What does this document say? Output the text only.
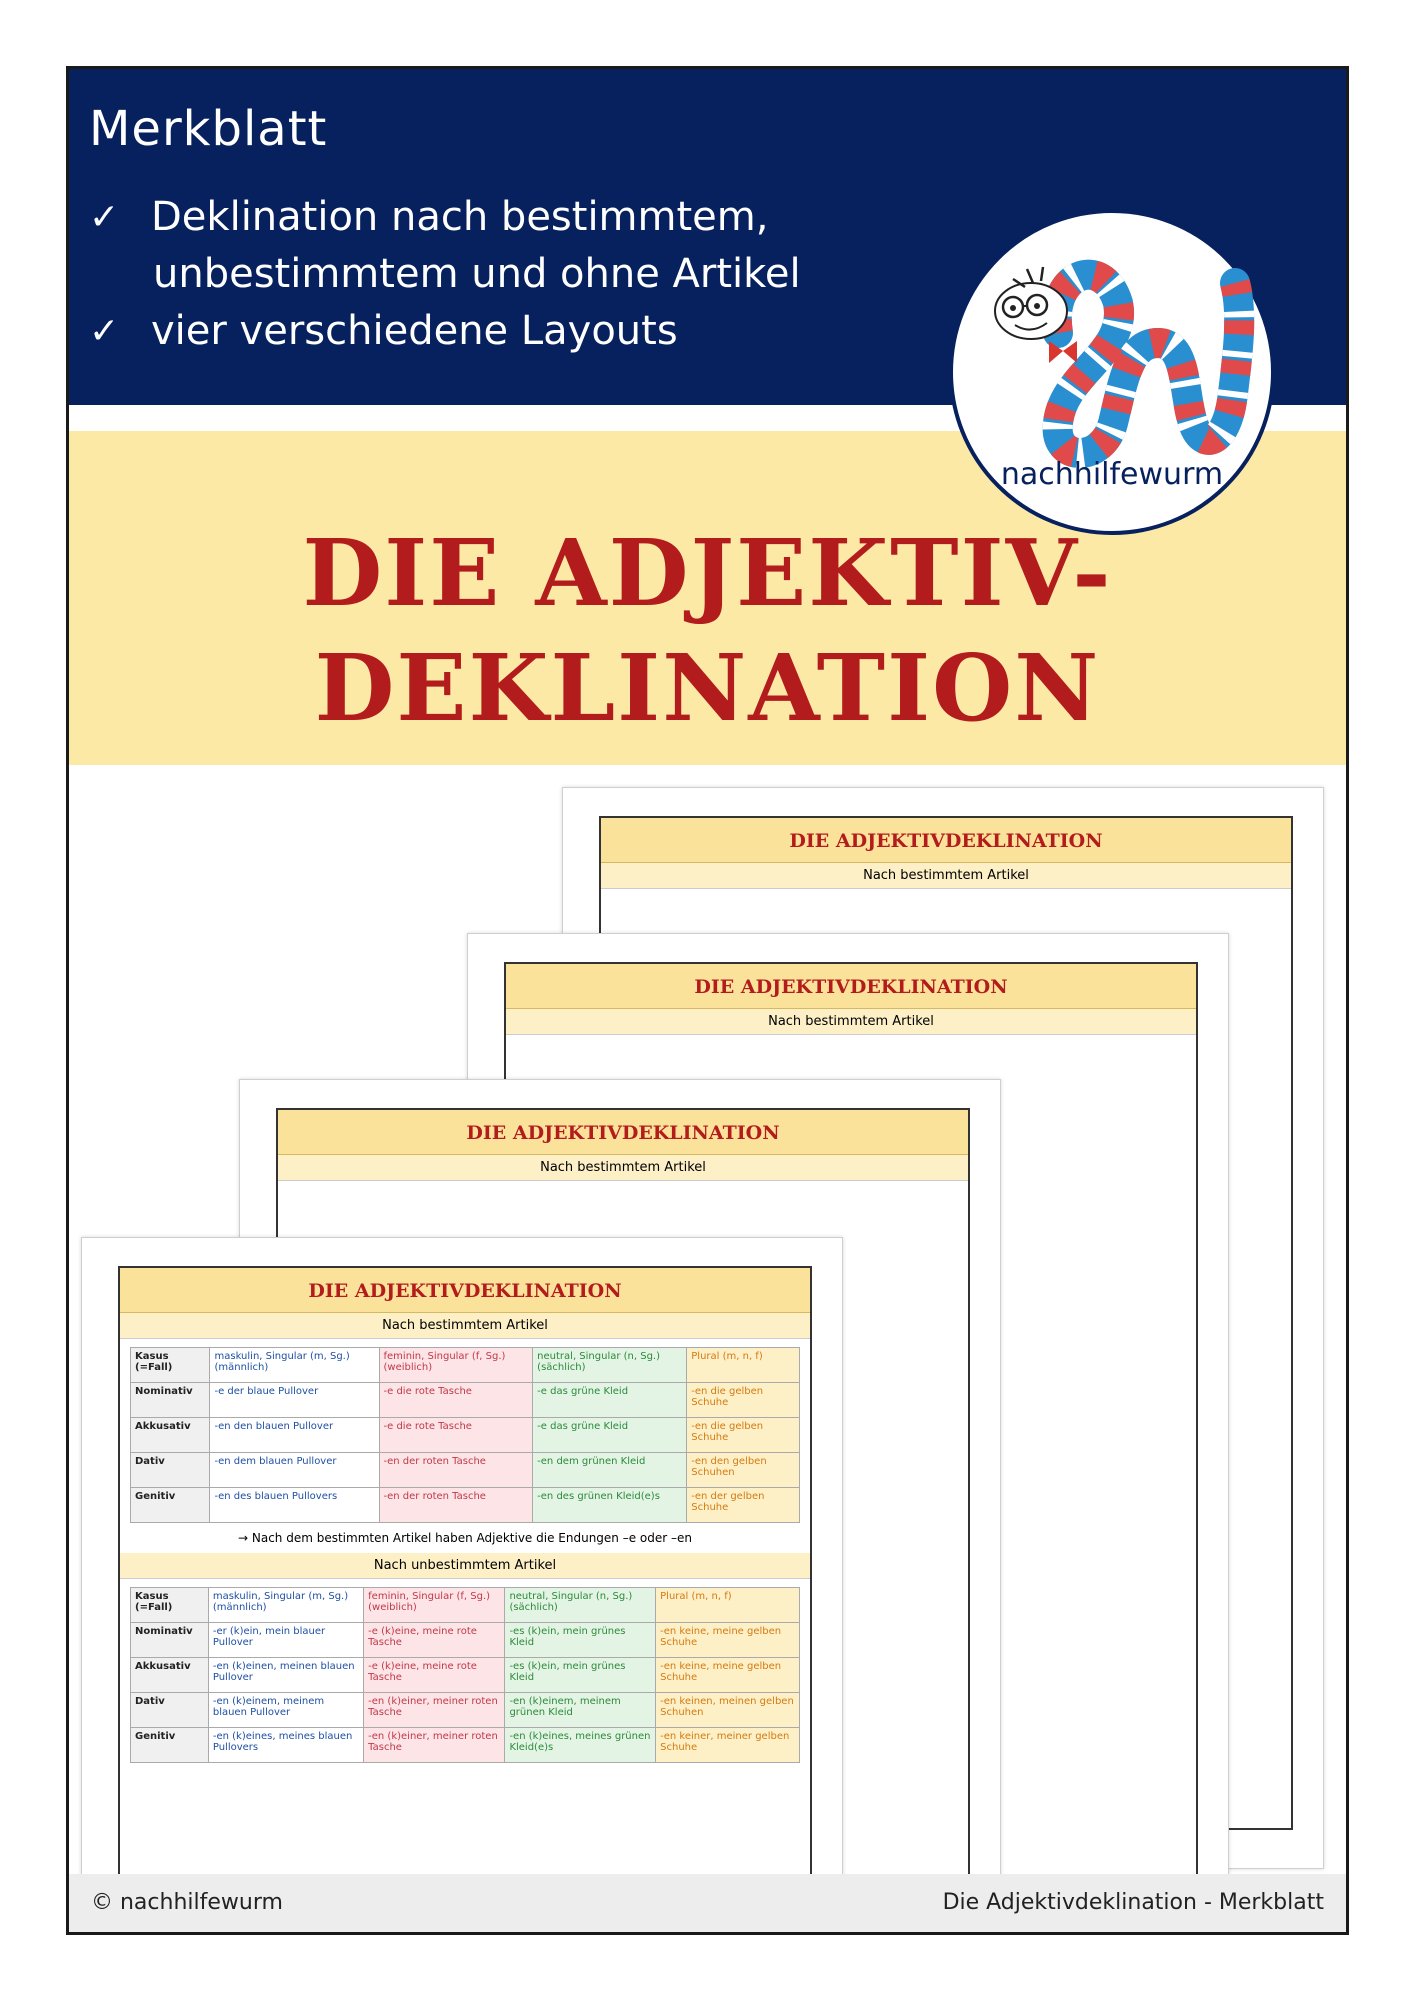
Merkblatt
✓ Deklination nach bestimmtem,
unbestimmtem und ohne Artikel
✓ vier verschiedene Layouts
DIE ADJEKTIV-
DEKLINATION
nachhilfewurm
DIE ADJEKTIVDEKLINATION
Nach bestimmtem Artikel
DIE ADJEKTIVDEKLINATION
Nach bestimmtem Artikel
DIE ADJEKTIVDEKLINATION
Nach bestimmtem Artikel
DIE ADJEKTIVDEKLINATION
Nach bestimmtem Artikel
Kasus (=Fall)	maskulin, Singular (m, Sg.) (männlich)	feminin, Singular (f, Sg.) (weiblich)	neutral, Singular (n, Sg.) (sächlich)	Plural (m, n, f)
Nominativ	-e der blaue Pullover	-e die rote Tasche	-e das grüne Kleid	-en die gelben Schuhe
Akkusativ	-en den blauen Pullover	-e die rote Tasche	-e das grüne Kleid	-en die gelben Schuhe
Dativ	-en dem blauen Pullover	-en der roten Tasche	-en dem grünen Kleid	-en den gelben Schuhen
Genitiv	-en des blauen Pullovers	-en der roten Tasche	-en des grünen Kleid(e)s	-en der gelben Schuhe
→ Nach dem bestimmten Artikel haben Adjektive die Endungen –e oder –en
Nach unbestimmtem Artikel
Kasus (=Fall)	maskulin, Singular (m, Sg.) (männlich)	feminin, Singular (f, Sg.) (weiblich)	neutral, Singular (n, Sg.) (sächlich)	Plural (m, n, f)
Nominativ	-er (k)ein, mein blauer Pullover	-e (k)eine, meine rote Tasche	-es (k)ein, mein grünes Kleid	-en keine, meine gelben Schuhe
Akkusativ	-en (k)einen, meinen blauen Pullover	-e (k)eine, meine rote Tasche	-es (k)ein, mein grünes Kleid	-en keine, meine gelben Schuhe
Dativ	-en (k)einem, meinem blauen Pullover	-en (k)einer, meiner roten Tasche	-en (k)einem, meinem grünen Kleid	-en keinen, meinen gelben Schuhen
Genitiv	-en (k)eines, meines blauen Pullovers	-en (k)einer, meiner roten Tasche	-en (k)eines, meines grünen Kleid(e)s	-en keiner, meiner gelben Schuhe
© nachhilfewurm	Die Adjektivdeklination - Merkblatt
